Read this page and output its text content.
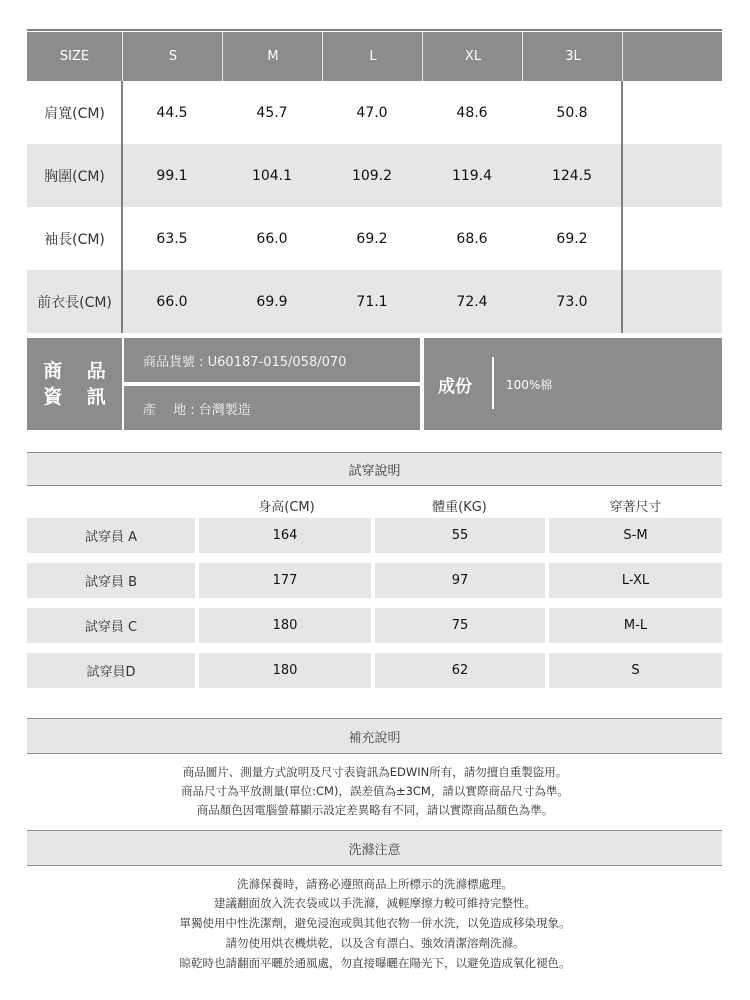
SIZE	S	M	L	XL	3L
肩寬(CM)	44.5	45.7	47.0	48.6	50.8
胸圍(CM)	99.1	104.1	109.2	119.4	124.5
袖長(CM)	63.5	66.0	69.2	68.6	69.2
前衣長(CM)	66.0	69.9	71.1	72.4	73.0
商 品
資 訊
商品貨號 : U60187-015/058/070
產　 地 : 台灣製造
成份	100%棉
試穿說明
身高(CM)	體重(KG)	穿著尺寸
試穿員 A	164	55	S-M
試穿員 B	177	97	L-XL
試穿員 C	180	75	M-L
試穿員D	180	62	S
補充說明
商品圖片、測量方式說明及尺寸表資訊為EDWIN所有，請勿擅自重製盜用。
商品尺寸為平放測量(單位:CM)，誤差值為±3CM，請以實際商品尺寸為準。
商品顏色因電腦螢幕顯示設定差異略有不同，請以實際商品顏色為準。
洗滌注意
洗滌保養時，請務必遵照商品上所標示的洗滌標處理。
建議翻面放入洗衣袋或以手洗滌，減輕摩擦力較可維持完整性。
單獨使用中性洗潔劑，避免浸泡或與其他衣物一併水洗，以免造成移染現象。
請勿使用烘衣機烘乾，以及含有漂白、強效清潔溶劑洗滌。
晾乾時也請翻面平曬於通風處，勿直接曝曬在陽光下，以避免造成氧化褪色。
